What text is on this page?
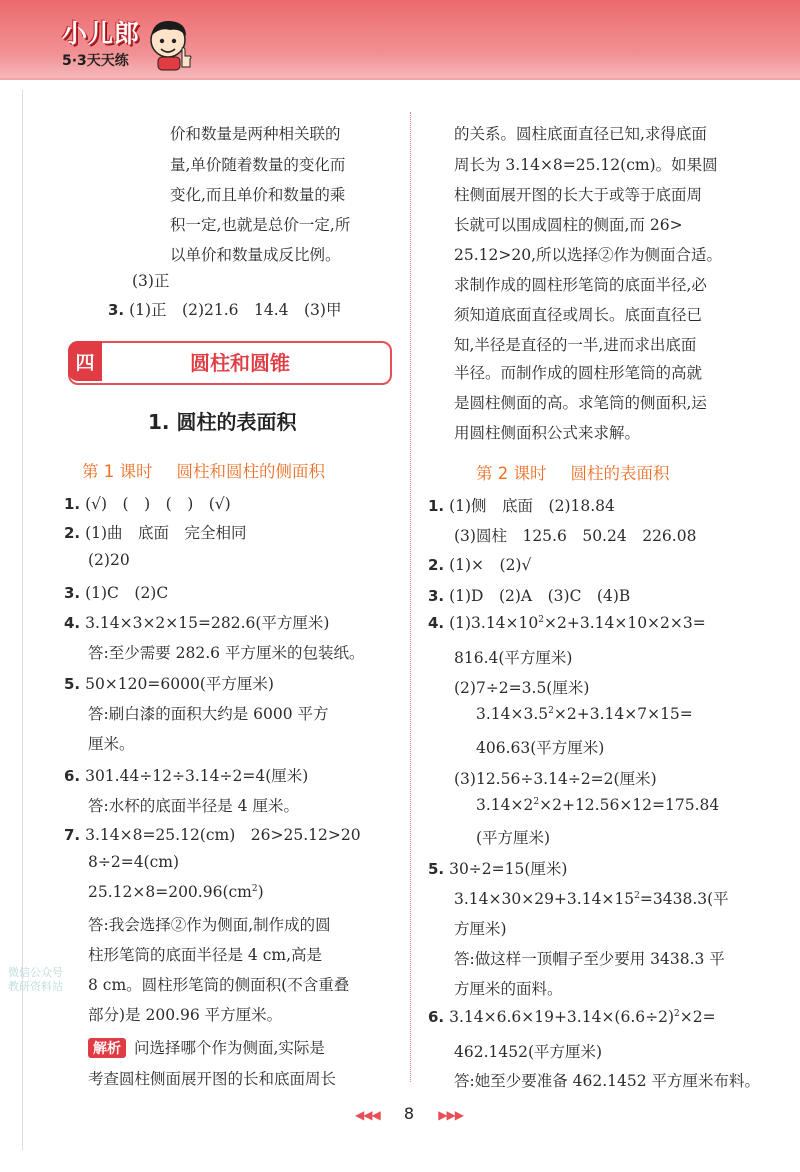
小儿郎
5·3天天练
价和数量是两种相关联的
量,单价随着数量的变化而
变化,而且单价和数量的乘
积一定,也就是总价一定,所
以单价和数量成反比例。
(3)正
3. (1)正　(2)21.6　14.4　(3)甲
四	圆柱和圆锥
1. 圆柱的表面积
第 1 课时 圆柱和圆柱的侧面积
1. (√)　(　)　(　)　(√)
2. (1)曲　底面　完全相同
(2)20
3. (1)C　(2)C
4. 3.14×3×2×15=282.6(平方厘米)
答:至少需要 282.6 平方厘米的包装纸。
5. 50×120=6000(平方厘米)
答:刷白漆的面积大约是 6000 平方
厘米。
6. 301.44÷12÷3.14÷2=4(厘米)
答:水杯的底面半径是 4 厘米。
7. 3.14×8=25.12(cm)　26>25.12>20
8÷2=4(cm)
$25.12\times 8=200.96(cm^2)$
答:我会选择②作为侧面,制作成的圆
柱形笔筒的底面半径是 4 cm,高是
8 cm。圆柱形笔筒的侧面积(不含重叠
部分)是 200.96 平方厘米。
解析 问选择哪个作为侧面,实际是
考查圆柱侧面展开图的长和底面周长
微信公众号
教研资料站
的关系。圆柱底面直径已知,求得底面
周长为 3.14×8=25.12(cm)。如果圆
柱侧面展开图的长大于或等于底面周
长就可以围成圆柱的侧面,而 26>
25.12>20,所以选择②作为侧面合适。
求制作成的圆柱形笔筒的底面半径,必
须知道底面直径或周长。底面直径已
知,半径是直径的一半,进而求出底面
半径。而制作成的圆柱形笔筒的高就
是圆柱侧面的高。求笔筒的侧面积,运
用圆柱侧面积公式来求解。
第 2 课时 圆柱的表面积
1. (1)侧　底面　(2)18.84
(3)圆柱　125.6　50.24　226.08
2. (1)×　(2)√
3. (1)D　(2)A　(3)C　(4)B
4. $(1)3.14\times 10^2\times 2+3.14\times 10\times 2\times 3=$
816.4(平方厘米)
(2)7÷2=3.5(厘米)
$3.14\times 3.5^2\times 2+3.14\times 7\times 15=$
406.63(平方厘米)
(3)12.56÷3.14÷2=2(厘米)
$3.14\times 2^2\times 2+12.56\times 12=175.84$
(平方厘米)
5. 30÷2=15(厘米)
$3.14\times 30\times 29+3.14\times 15^2=3438.3$(平
方厘米)
答:做这样一顶帽子至少要用 3438.3 平
方厘米的面料。
6. $3.14\times 6.6\times 19+3.14\times(6.6\div 2)^2\times 2=$
462.1452(平方厘米)
答:她至少要准备 462.1452 平方厘米布料。
◀◀◀ 8 ▶▶▶
